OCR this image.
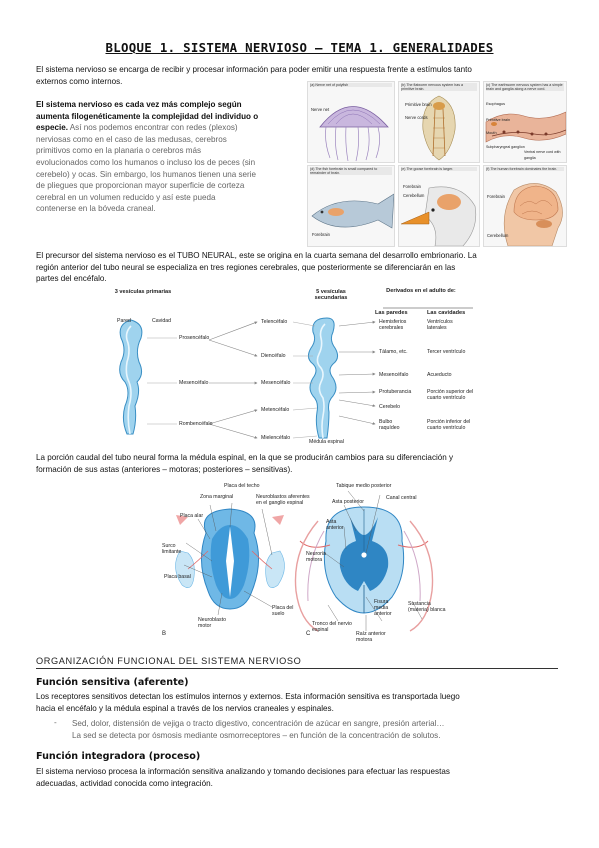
BLOQUE 1. SISTEMA NERVIOSO – TEMA 1. GENERALIDADES
El sistema nervioso se encarga de recibir y procesar información para poder emitir una respuesta frente a estímulos tanto
externos como internos.
El sistema nervioso es cada vez más complejo según
aumenta filogenéticamente la complejidad del individuo o
especie. Así nos podemos encontrar con redes (plexos)
nerviosas como en el caso de las medusas, cerebros
primitivos como en la planaria o cerebros más
evolucionados como los humanos o incluso los de peces (sin
cerebelo) y ocas. Sin embargo, los humanos tienen una serie
de pliegues que proporcionan mayor superficie de corteza
cerebral en un volumen reducido y así este pueda
contenerse en la bóveda craneal.
(a) Nerve net of polyfish
Nerve net
(b) The flatworm nervous system has a primitive brain.
Primitive brain
Nerve cords
(c) The earthworm nervous system has a simple brain and ganglia along a nerve cord.
Esophagus
Primitive brain
Mouth
Subpharyngeal ganglion
Ventral nerve cord with ganglia
(d) The fish forebrain is small compared to remainder of brain.
Forebrain
(e) The goose forebrain is larger.
Forebrain
Cerebellum
(f) The human forebrain dominates the brain.
Forebrain
Cerebellum
El precursor del sistema nervioso es el TUBO NEURAL, este se origina en la cuarta semana del desarrollo embrionario. La
región anterior del tubo neural se especializa en tres regiones cerebrales, que posteriormente se diferenciarán en las
partes del encéfalo.
3 vesículas primarias	5 vesículas secundarias
Derivados en el adulto de:
Las paredes	Las cavidades
Pared	Cavidad
Prosencéfalo
Mesencéfalo
Rombencéfalo
Telencéfalo
Diencéfalo
Mesencéfalo
Metencéfalo
Mielencéfalo
Médula espinal
Hemisferios cerebrales
Tálamo, etc.
Mesencéfalo
Protuberancia
Cerebelo
Bulbo raquídeo
Ventrículos laterales
Tercer ventrículo
Acueducto
Porción superior del cuarto ventrículo
Porción inferior del cuarto ventrículo
La porción caudal del tubo neural forma la médula espinal, en la que se producirán cambios para su diferenciación y
formación de sus astas (anteriores – motoras; posteriores – sensitivas).
Placa del techo
Zona marginal	Neuroblastos aferentes en el ganglio espinal
Placa alar
Surco limitante
Placa basal
Neuroblasto motor
Placa del suelo
B
Tabique medio posterior
Canal central
Asta posterior
Asta anterior
Neurona motora
Tronco del nervio espinal
Fisura media anterior
Raíz anterior motora
Sustancia (materia) blanca
C
ORGANIZACIÓN FUNCIONAL DEL SISTEMA NERVIOSO
Función sensitiva (aferente)
Los receptores sensitivos detectan los estímulos internos y externos. Esta información sensitiva es transportada luego
hacia el encéfalo y la médula espinal a través de los nervios craneales y espinales.
- Sed, dolor, distensión de vejiga o tracto digestivo, concentración de azúcar en sangre, presión arterial…
La sed se detecta por ósmosis mediante osmorreceptores – en función de la concentración de solutos.
Función integradora (proceso)
El sistema nervioso procesa la información sensitiva analizando y tomando decisiones para efectuar las respuestas
adecuadas, actividad conocida como integración.
